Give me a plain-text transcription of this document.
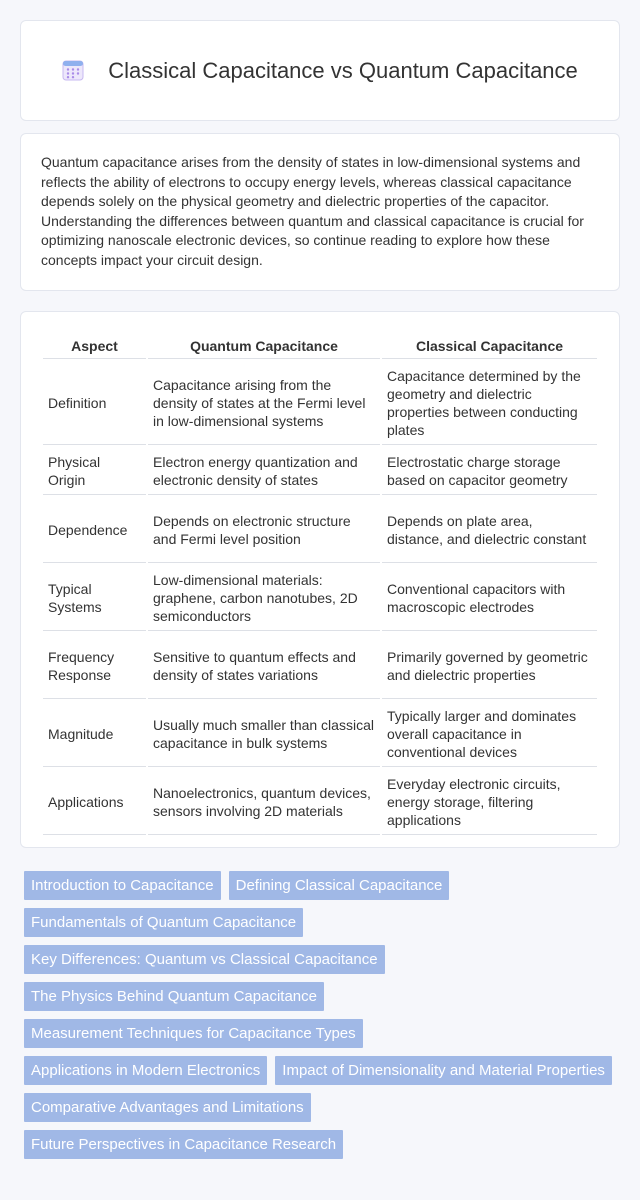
Classical Capacitance vs Quantum Capacitance

Quantum capacitance arises from the density of states in low-dimensional systems and reflects the ability of electrons to occupy energy levels, whereas classical capacitance depends solely on the physical geometry and dielectric properties of the capacitor. Understanding the differences between quantum and classical capacitance is crucial for optimizing nanoscale electronic devices, so continue reading to explore how these concepts impact your circuit design.

Aspect	Quantum Capacitance	Classical Capacitance
Definition	Capacitance arising from the density of states at the Fermi level in low-dimensional systems	Capacitance determined by the geometry and dielectric properties between conducting plates
Physical Origin	Electron energy quantization and electronic density of states	Electrostatic charge storage based on capacitor geometry
Dependence	Depends on electronic structure and Fermi level position	Depends on plate area, distance, and dielectric constant
Typical Systems	Low-dimensional materials: graphene, carbon nanotubes, 2D semiconductors	Conventional capacitors with macroscopic electrodes
Frequency Response	Sensitive to quantum effects and density of states variations	Primarily governed by geometric and dielectric properties
Magnitude	Usually much smaller than classical capacitance in bulk systems	Typically larger and dominates overall capacitance in conventional devices
Applications	Nanoelectronics, quantum devices, sensors involving 2D materials	Everyday electronic circuits, energy storage, filtering applications
Introduction to Capacitance	Defining Classical Capacitance
Fundamentals of Quantum Capacitance
Key Differences: Quantum vs Classical Capacitance
The Physics Behind Quantum Capacitance
Measurement Techniques for Capacitance Types
Applications in Modern Electronics	Impact of Dimensionality and Material Properties
Comparative Advantages and Limitations
Future Perspectives in Capacitance Research
